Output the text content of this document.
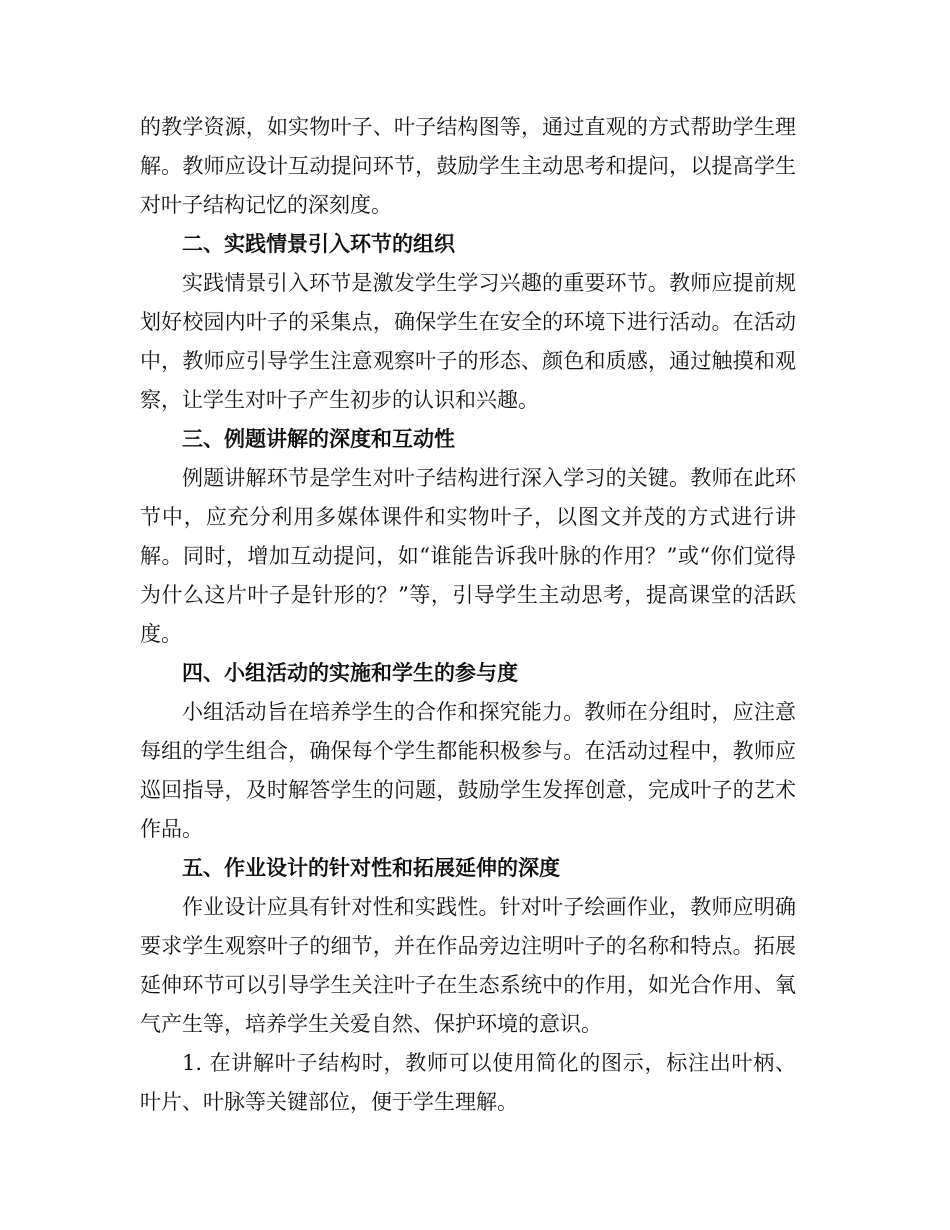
的教学资源，如实物叶子、叶子结构图等，通过直观的方式帮助学生理解。教师应设计互动提问环节，鼓励学生主动思考和提问，以提高学生对叶子结构记忆的深刻度。

二、实践情景引入环节的组织

实践情景引入环节是激发学生学习兴趣的重要环节。教师应提前规划好校园内叶子的采集点，确保学生在安全的环境下进行活动。在活动中，教师应引导学生注意观察叶子的形态、颜色和质感，通过触摸和观察，让学生对叶子产生初步的认识和兴趣。

三、例题讲解的深度和互动性

例题讲解环节是学生对叶子结构进行深入学习的关键。教师在此环节中，应充分利用多媒体课件和实物叶子，以图文并茂的方式进行讲解。同时，增加互动提问，如“谁能告诉我叶脉的作用？”或“你们觉得为什么这片叶子是针形的？”等，引导学生主动思考，提高课堂的活跃度。

四、小组活动的实施和学生的参与度

小组活动旨在培养学生的合作和探究能力。教师在分组时，应注意每组的学生组合，确保每个学生都能积极参与。在活动过程中，教师应巡回指导，及时解答学生的问题，鼓励学生发挥创意，完成叶子的艺术作品。

五、作业设计的针对性和拓展延伸的深度

作业设计应具有针对性和实践性。针对叶子绘画作业，教师应明确要求学生观察叶子的细节，并在作品旁边注明叶子的名称和特点。拓展延伸环节可以引导学生关注叶子在生态系统中的作用，如光合作用、氧气产生等，培养学生关爱自然、保护环境的意识。

1. 在讲解叶子结构时，教师可以使用简化的图示，标注出叶柄、叶片、叶脉等关键部位，便于学生理解。
